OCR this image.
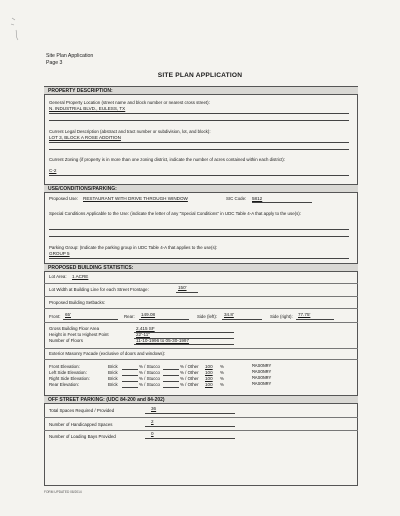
Site Plan Application
Page 3
SITE PLAN APPLICATION
PROPERTY DESCRIPTION:
General Property Location (street name and block number or nearest cross street):
N. INDUSTRIAL BLVD., EULESS, TX
Current Legal Description (abstract and tract number or subdivision, lot, and block):
LOT 3, BLOCK A ROSE ADDITION
Current Zoning (if property is in more than one zoning district, indicate the number of acres contained within each district):
C-2
USE/CONDITIONS/PARKING:
Proposed Use: RESTAURANT WITH DRIVE THROUGH WINDOW	SIC Code: 5812
Special Conditions Applicable to the Use: (indicate the letter of any "Special Conditions" in UDC Table 4-A that apply to the use(s):
Parking Group: (Indicate the parking group in UDC Table 4-A that applies to the use(s):
GROUP 5
PROPOSED BUILDING STATISTICS:
Lot Area: 1 ACRE
Lot Width at Building Line for each Street Frontage:	150'
Proposed Building Setbacks:
Front: 65'	Rear: 149.08	Side (left): 34.8'	Side (right): 77.75'
Gross Building Floor Area	2,415 SF
Height in Feet to Highest Point	22'-11"
Number of Floors	11-10-1996 to 05-30-1997
Exterior Masonry Facade (exclusive of doors and windows):
Front Elevation:	Brick	% / Stucco	% / Other 100 %	MASONRY
Left Side Elevation:	Brick	% / Stucco	% / Other 100 %	MASONRY
Right Side Elevation:	Brick	% / Stucco	% / Other 100 %	MASONRY
Rear Elevation:	Brick	% / Stucco	% / Other 100 %	MASONRY
OFF STREET PARKING: (UDC 84-200 and 84-202)
Total Spaces Required / Provided	36
Number of Handicapped Spaces
2
Number of Loading Bays Provided
0
FORM UPDATED 08/2014
